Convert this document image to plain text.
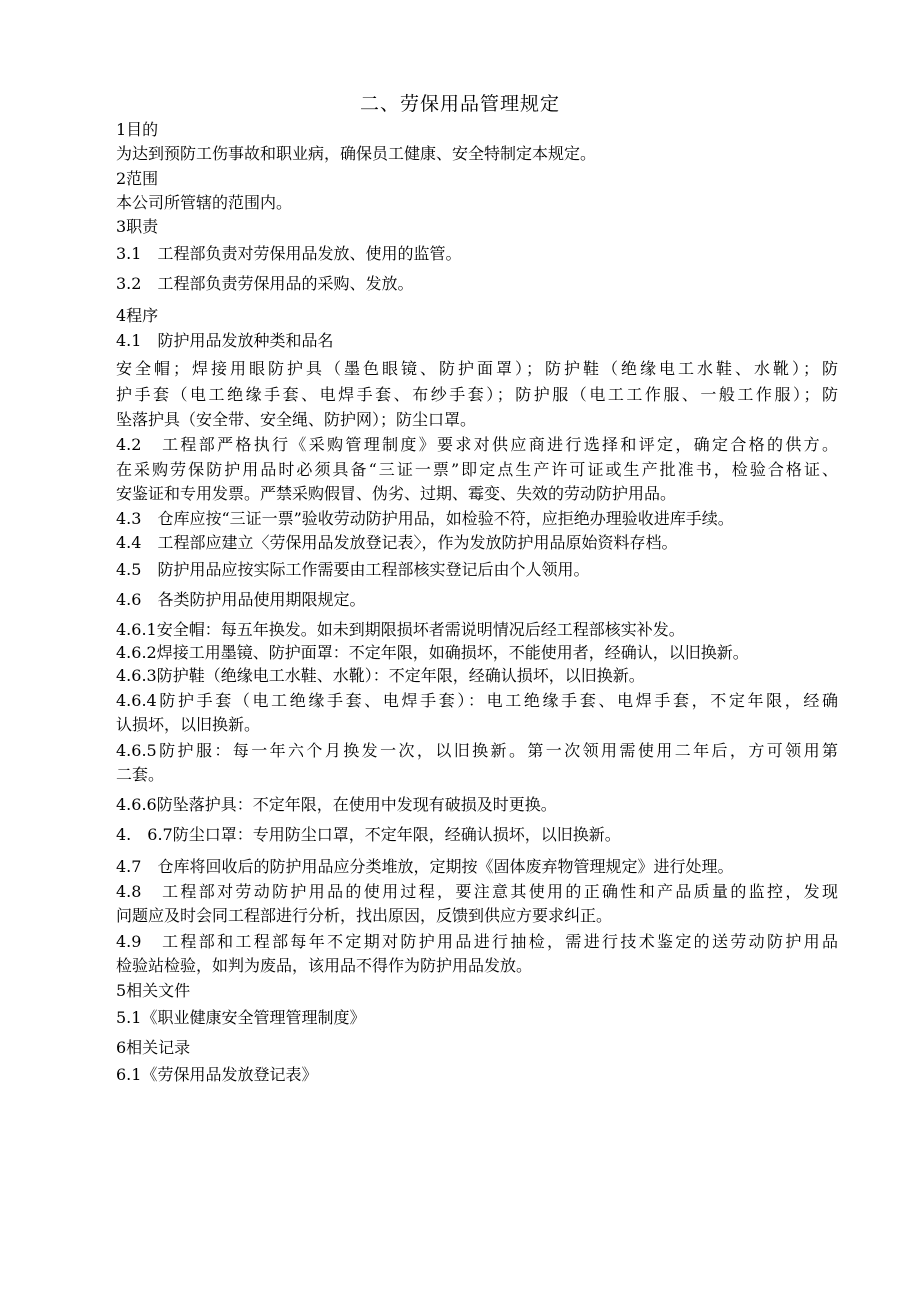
二、劳保用品管理规定
1目的
为达到预防工伤事故和职业病，确保员工健康、安全特制定本规定。
2范围
本公司所管辖的范围内。
3职责
3.1　工程部负责对劳保用品发放、使用的监管。
3.2　工程部负责劳保用品的采购、发放。
4程序
4.1　防护用品发放种类和品名
安全帽；焊接用眼防护具（墨色眼镜、防护面罩）；防护鞋（绝缘电工水鞋、水靴）；防
护手套（电工绝缘手套、电焊手套、布纱手套）；防护服（电工工作服、一般工作服）；防
坠落护具（安全带、安全绳、防护网）；防尘口罩。
4.2　工程部严格执行《采购管理制度》要求对供应商进行选择和评定，确定合格的供方。
在采购劳保防护用品时必须具备“三证一票”即定点生产许可证或生产批准书，检验合格证、
安鉴证和专用发票。严禁采购假冒、伪劣、过期、霉变、失效的劳动防护用品。
4.3　仓库应按“三证一票”验收劳动防护用品，如检验不符，应拒绝办理验收进库手续。
4.4　工程部应建立〈劳保用品发放登记表〉，作为发放防护用品原始资料存档。
4.5　防护用品应按实际工作需要由工程部核实登记后由个人领用。
4.6　各类防护用品使用期限规定。
4.6.1安全帽：每五年换发。如未到期限损坏者需说明情况后经工程部核实补发。
4.6.2焊接工用墨镜、防护面罩：不定年限，如确损坏，不能使用者，经确认，以旧换新。
4.6.3防护鞋（绝缘电工水鞋、水靴）：不定年限，经确认损坏，以旧换新。
4.6.4防护手套（电工绝缘手套、电焊手套）：电工绝缘手套、电焊手套，不定年限，经确
认损坏，以旧换新。
4.6.5防护服：每一年六个月换发一次，以旧换新。第一次领用需使用二年后，方可领用第
二套。
4.6.6防坠落护具：不定年限，在使用中发现有破损及时更换。
4.　6.7防尘口罩：专用防尘口罩，不定年限，经确认损坏，以旧换新。
4.7　仓库将回收后的防护用品应分类堆放，定期按《固体废弃物管理规定》进行处理。
4.8　工程部对劳动防护用品的使用过程，要注意其使用的正确性和产品质量的监控，发现
问题应及时会同工程部进行分析，找出原因，反馈到供应方要求纠正。
4.9　工程部和工程部每年不定期对防护用品进行抽检，需进行技术鉴定的送劳动防护用品
检验站检验，如判为废品，该用品不得作为防护用品发放。
5相关文件
5.1《职业健康安全管理管理制度》
6相关记录
6.1《劳保用品发放登记表》
